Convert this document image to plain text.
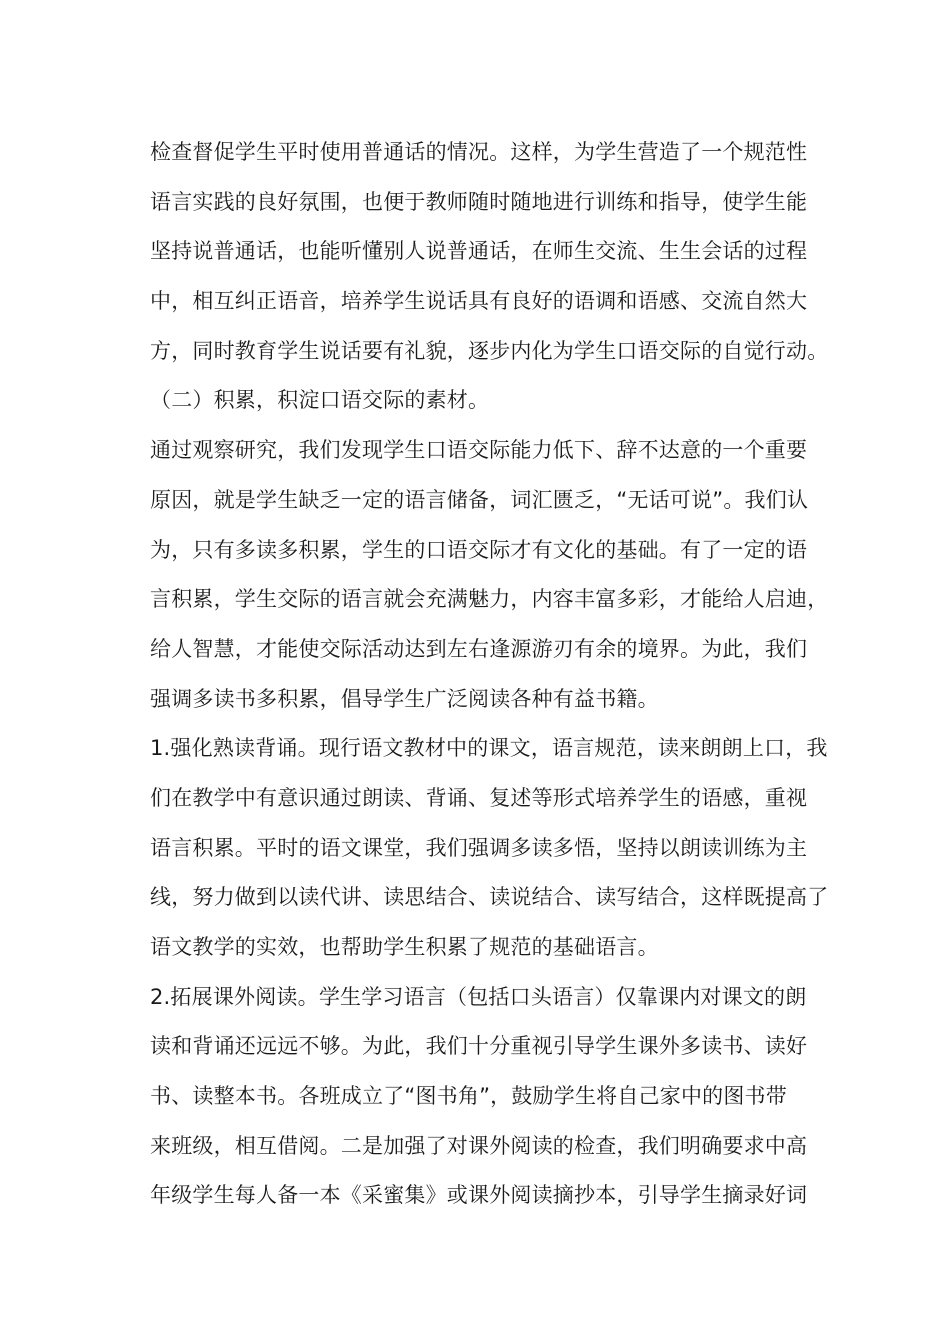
检查督促学生平时使用普通话的情况。这样，为学生营造了一个规范性
语言实践的良好氛围，也便于教师随时随地进行训练和指导，使学生能
坚持说普通话，也能听懂别人说普通话，在师生交流、生生会话的过程
中，相互纠正语音，培养学生说话具有良好的语调和语感、交流自然大
方，同时教育学生说话要有礼貌，逐步内化为学生口语交际的自觉行动。
（二）积累，积淀口语交际的素材。
通过观察研究，我们发现学生口语交际能力低下、辞不达意的一个重要
原因，就是学生缺乏一定的语言储备，词汇匮乏，“无话可说”。我们认
为，只有多读多积累，学生的口语交际才有文化的基础。有了一定的语
言积累，学生交际的语言就会充满魅力，内容丰富多彩，才能给人启迪，
给人智慧，才能使交际活动达到左右逢源游刃有余的境界。为此，我们
强调多读书多积累，倡导学生广泛阅读各种有益书籍。
1.强化熟读背诵。现行语文教材中的课文，语言规范，读来朗朗上口，我
们在教学中有意识通过朗读、背诵、复述等形式培养学生的语感，重视
语言积累。平时的语文课堂，我们强调多读多悟，坚持以朗读训练为主
线，努力做到以读代讲、读思结合、读说结合、读写结合，这样既提高了
语文教学的实效，也帮助学生积累了规范的基础语言。
2.拓展课外阅读。学生学习语言（包括口头语言）仅靠课内对课文的朗
读和背诵还远远不够。为此，我们十分重视引导学生课外多读书、读好
书、读整本书。各班成立了“图书角”，鼓励学生将自己家中的图书带
来班级，相互借阅。二是加强了对课外阅读的检查，我们明确要求中高
年级学生每人备一本《采蜜集》或课外阅读摘抄本，引导学生摘录好词
